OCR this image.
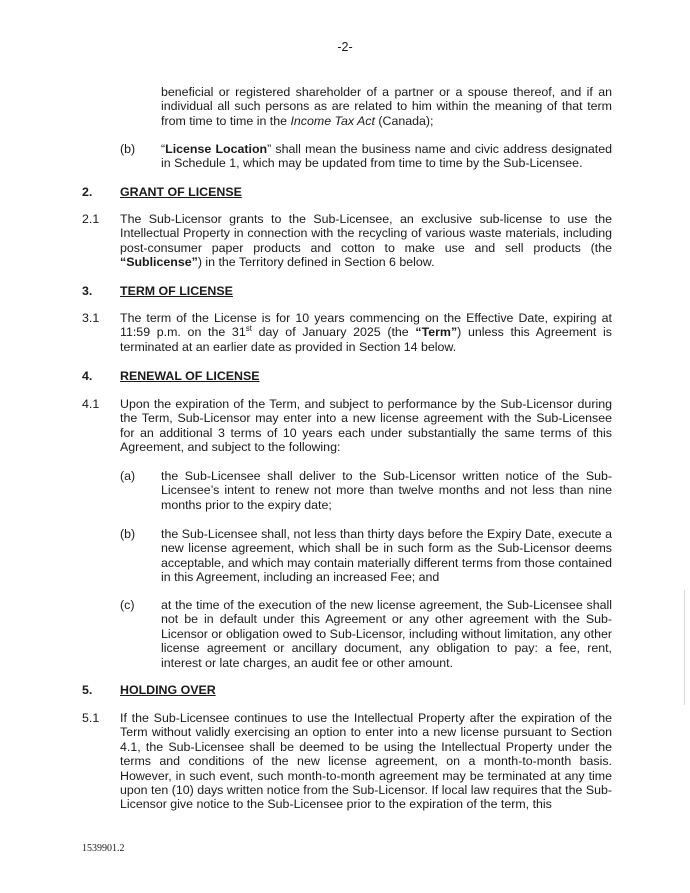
-2-
beneficial or registered shareholder of a partner or a spouse thereof, and if an individual all such persons as are related to him within the meaning of that term from time to time in the Income Tax Act (Canada);
(b) “License Location” shall mean the business name and civic address designated in Schedule 1, which may be updated from time to time by the Sub-Licensee.
2. GRANT OF LICENSE
2.1 The Sub-Licensor grants to the Sub-Licensee, an exclusive sub-license to use the Intellectual Property in connection with the recycling of various waste materials, including post-consumer paper products and cotton to make use and sell products (the “Sublicense”) in the Territory defined in Section 6 below.
3. TERM OF LICENSE
3.1 The term of the License is for 10 years commencing on the Effective Date, expiring at 11:59 p.m. on the 31st day of January 2025 (the “Term”) unless this Agreement is terminated at an earlier date as provided in Section 14 below.
4. RENEWAL OF LICENSE
4.1 Upon the expiration of the Term, and subject to performance by the Sub-Licensor during the Term, Sub-Licensor may enter into a new license agreement with the Sub-Licensee for an additional 3 terms of 10 years each under substantially the same terms of this Agreement, and subject to the following:
(a) the Sub-Licensee shall deliver to the Sub-Licensor written notice of the Sub-Licensee’s intent to renew not more than twelve months and not less than nine months prior to the expiry date;
(b) the Sub-Licensee shall, not less than thirty days before the Expiry Date, execute a new license agreement, which shall be in such form as the Sub-Licensor deems acceptable, and which may contain materially different terms from those contained in this Agreement, including an increased Fee; and
(c) at the time of the execution of the new license agreement, the Sub-Licensee shall not be in default under this Agreement or any other agreement with the Sub-Licensor or obligation owed to Sub-Licensor, including without limitation, any other license agreement or ancillary document, any obligation to pay: a fee, rent, interest or late charges, an audit fee or other amount.
5. HOLDING OVER
5.1 If the Sub-Licensee continues to use the Intellectual Property after the expiration of the Term without validly exercising an option to enter into a new license pursuant to Section 4.1, the Sub-Licensee shall be deemed to be using the Intellectual Property under the terms and conditions of the new license agreement, on a month-to-month basis. However, in such event, such month-to-month agreement may be terminated at any time upon ten (10) days written notice from the Sub-Licensor. If local law requires that the Sub-Licensor give notice to the Sub-Licensee prior to the expiration of the term, this
1539901.2
